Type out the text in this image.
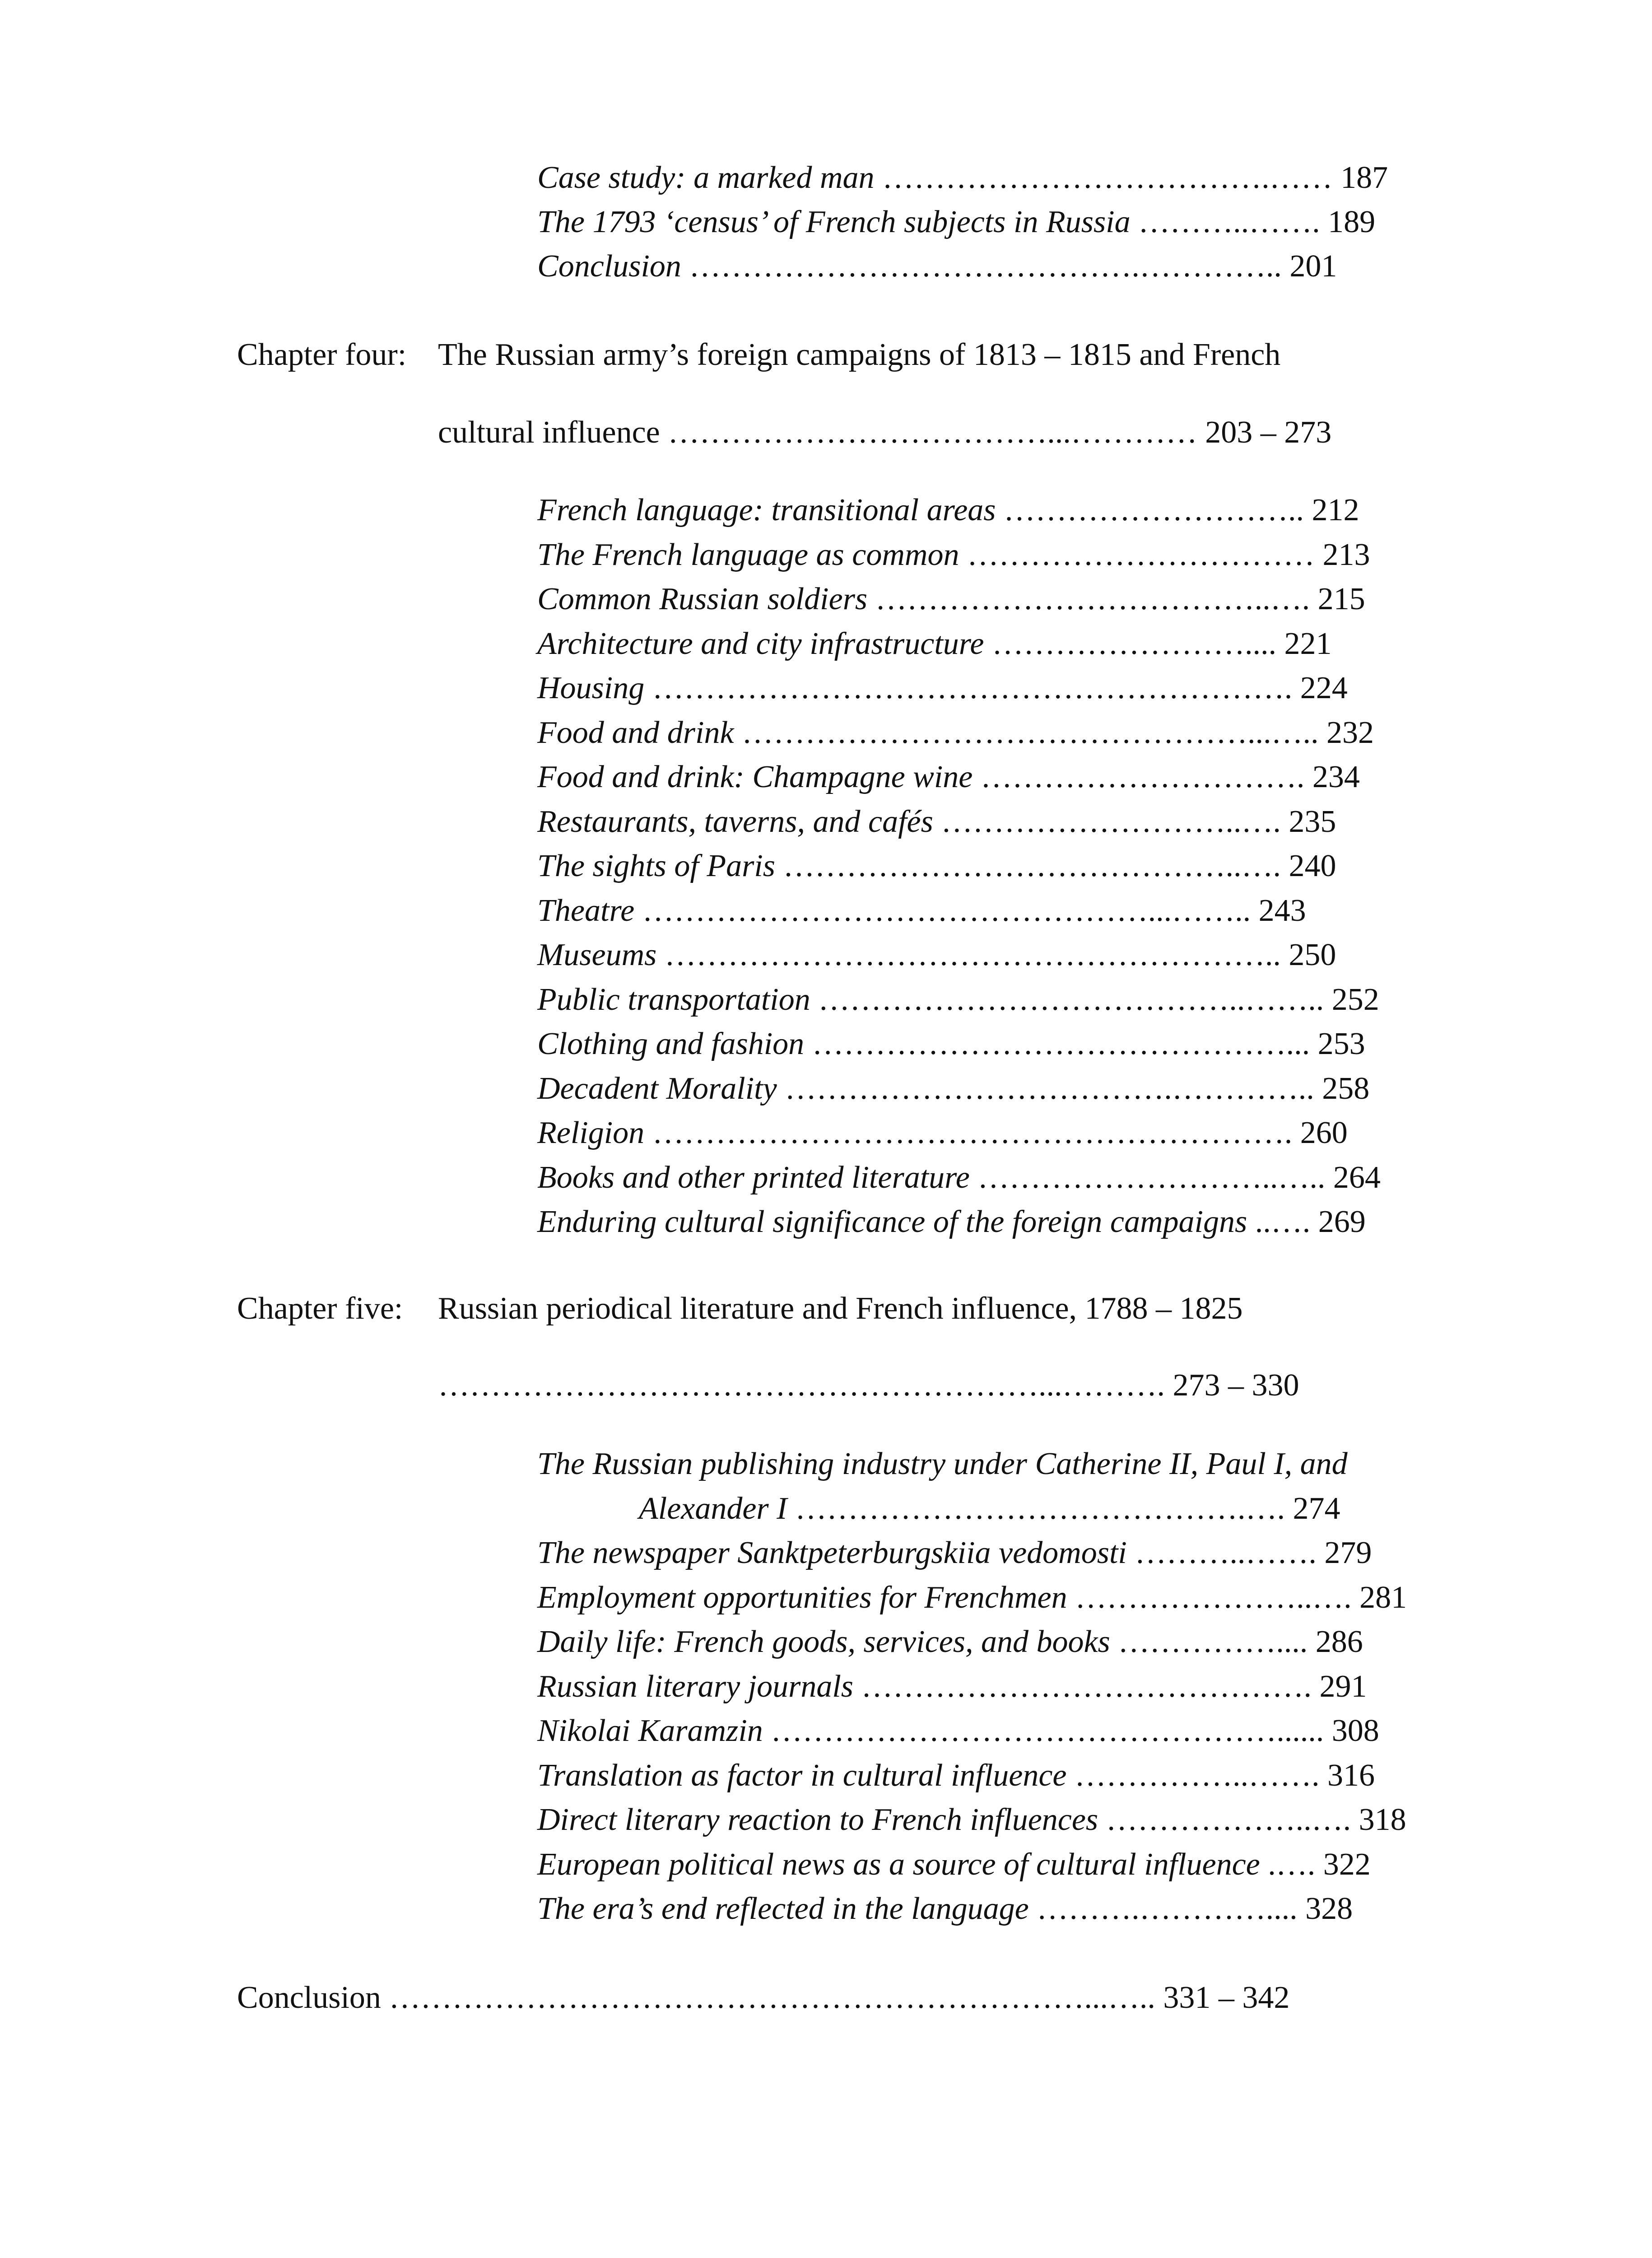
Case study: a marked man ……………………………….…… 187
The 1793 ‘census’ of French subjects in Russia ………..……. 189
Conclusion …………………………………….………….. 201
Chapter four: The Russian army’s foreign campaigns of 1813 – 1815 and French
cultural influence ………………………………...………… 203 – 273
French language: transitional areas ……………………….. 212
The French language as common …………………………… 213
Common Russian soldiers ………………………………..…. 215
Architecture and city infrastructure …………………….... 221
Housing ……………………………………………………. 224
Food and drink …………………………………………...….. 232
Food and drink: Champagne wine …………………………. 234
Restaurants, taverns, and cafés ………………………..…. 235
The sights of Paris ……………………………………..…. 240
Theatre …………………………………………...…….. 243
Museums ………………………………………………….. 250
Public transportation …………………………………..…….. 252
Clothing and fashion ………………………………………... 253
Decadent Morality ……………………………….………….. 258
Religion ……………………………………………………. 260
Books and other printed literature ………………………..….. 264
Enduring cultural significance of the foreign campaigns ..…. 269
Chapter five: Russian periodical literature and French influence, 1788 – 1825
…………………………………………………...………. 273 – 330
The Russian publishing industry under Catherine II, Paul I, and
Alexander I …………………………………….…. 274
The newspaper Sanktpeterburgskiia vedomosti ………..……. 279
Employment opportunities for Frenchmen …………………..…. 281
Daily life: French goods, services, and books …………….... 286
Russian literary journals ……………………………………. 291
Nikolai Karamzin …………………………………………...... 308
Translation as factor in cultural influence ……………..……. 316
Direct literary reaction to French influences ………………..…. 318
European political news as a source of cultural influence .…. 322
The era’s end reflected in the language ……….………….... 328
Conclusion …………………………………………………………...….. 331 – 342
